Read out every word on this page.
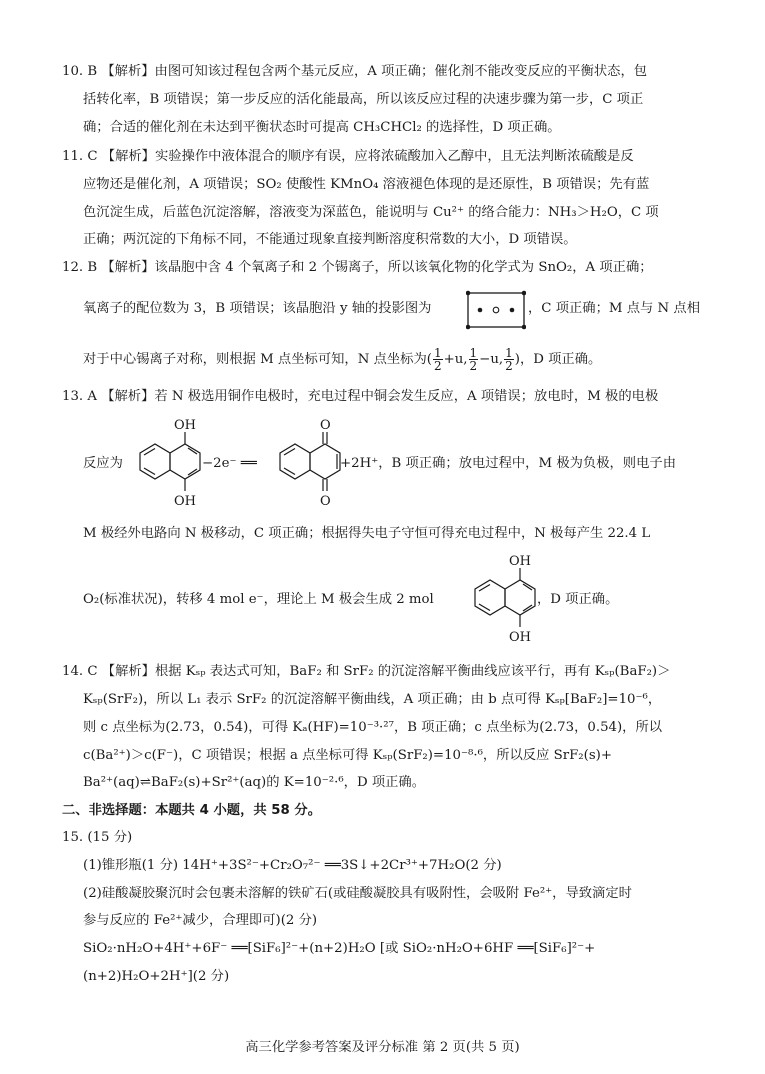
10. B 【解析】由图可知该过程包含两个基元反应，A 项正确；催化剂不能改变反应的平衡状态，包
括转化率，B 项错误；第一步反应的活化能最高，所以该反应过程的决速步骤为第一步，C 项正
确；合适的催化剂在未达到平衡状态时可提高 CH₃CHCl₂ 的选择性，D 项正确。
11. C 【解析】实验操作中液体混合的顺序有误，应将浓硫酸加入乙醇中，且无法判断浓硫酸是反
应物还是催化剂，A 项错误；SO₂ 使酸性 KMnO₄ 溶液褪色体现的是还原性，B 项错误；先有蓝
色沉淀生成，后蓝色沉淀溶解，溶液变为深蓝色，能说明与 Cu²⁺ 的络合能力：NH₃＞H₂O，C 项
正确；两沉淀的下角标不同，不能通过现象直接判断溶度积常数的大小，D 项错误。
12. B 【解析】该晶胞中含 4 个氧离子和 2 个锡离子，所以该氧化物的化学式为 SnO₂，A 项正确；
氧离子的配位数为 3，B 项错误；该晶胞沿 y 轴的投影图为	，C 项正确；M 点与 N 点相
对于中心锡离子对称，则根据 M 点坐标可知，N 点坐标为( $\frac{1}{2} +u$, $\frac{1}{2} -u$, $\frac{1}{2}$ )，D 项正确。
13. A 【解析】若 N 极选用铜作电极时，充电过程中铜会发生反应，A 项错误；放电时，M 极的电极
反应为
OH
OH
−2e⁻ ══
O
O
+2H⁺，B 项正确；放电过程中，M 极为负极，则电子由
M 极经外电路向 N 极移动，C 项正确；根据得失电子守恒可得充电过程中，N 极每产生 22.4 L
O₂(标准状况)，转移 4 mol e⁻，理论上 M 极会生成 2 mol
OH
OH
，D 项正确。
14. C 【解析】根据 Kₛₚ 表达式可知，BaF₂ 和 SrF₂ 的沉淀溶解平衡曲线应该平行，再有 Kₛₚ(BaF₂)＞
Kₛₚ(SrF₂)，所以 L₁ 表示 SrF₂ 的沉淀溶解平衡曲线，A 项正确；由 b 点可得 Kₛₚ[BaF₂]=10⁻⁶，
则 c 点坐标为(2.73，0.54)，可得 Kₐ(HF)=10⁻³·²⁷，B 项正确；c 点坐标为(2.73，0.54)，所以
c(Ba²⁺)＞c(F⁻)，C 项错误；根据 a 点坐标可得 Kₛₚ(SrF₂)=10⁻⁸·⁶，所以反应 SrF₂(s)+
Ba²⁺(aq)⇌BaF₂(s)+Sr²⁺(aq)的 K=10⁻²·⁶，D 项正确。
二、非选择题：本题共 4 小题，共 58 分。
15. (15 分)
(1)锥形瓶(1 分) 14H⁺+3S²⁻+Cr₂O₇²⁻ ══3S↓+2Cr³⁺+7H₂O(2 分)
(2)硅酸凝胶聚沉时会包裹未溶解的铁矿石(或硅酸凝胶具有吸附性，会吸附 Fe²⁺，导致滴定时
参与反应的 Fe²⁺减少，合理即可)(2 分)
SiO₂·nH₂O+4H⁺+6F⁻ ══[SiF₆]²⁻+(n+2)H₂O [或 SiO₂·nH₂O+6HF ══[SiF₆]²⁻+
(n+2)H₂O+2H⁺](2 分)
高三化学参考答案及评分标准 第 2 页(共 5 页)
